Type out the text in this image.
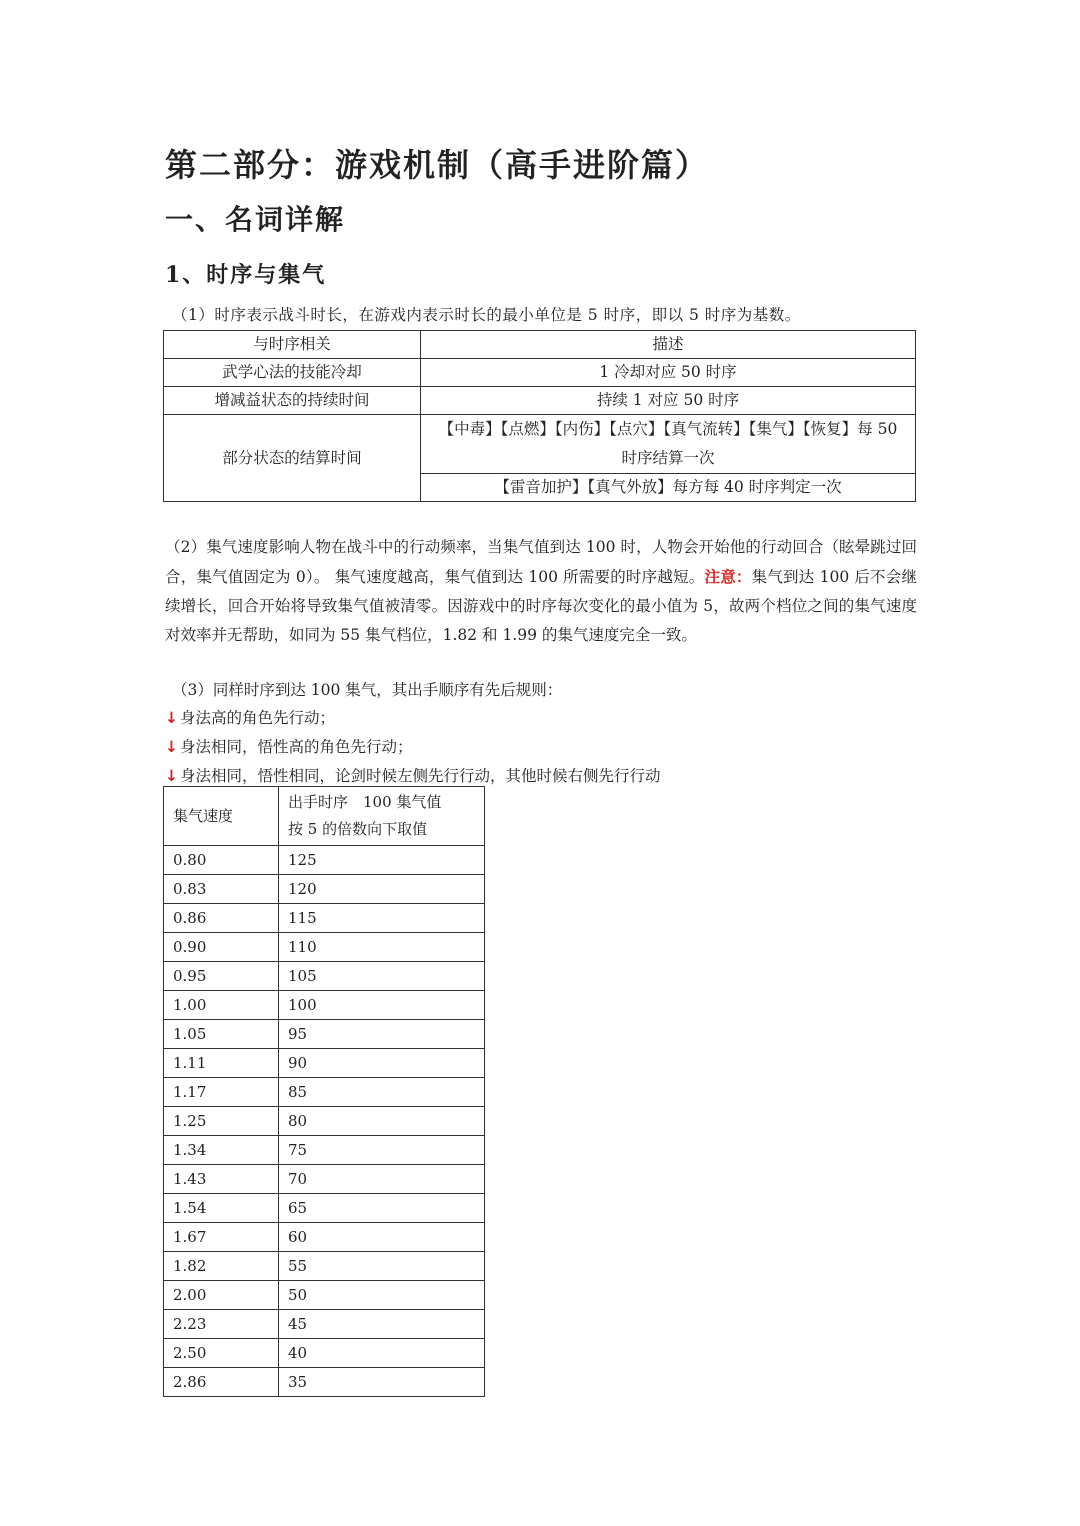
第二部分：游戏机制（高手进阶篇）
一、名词详解
1、时序与集气
（1）时序表示战斗时长，在游戏内表示时长的最小单位是 5 时序，即以 5 时序为基数。
与时序相关	描述
武学心法的技能冷却	1 冷却对应 50 时序
增减益状态的持续时间	持续 1 对应 50 时序
部分状态的结算时间	【中毒】【点燃】【内伤】【点穴】【真气流转】【集气】【恢复】每 50 时序结算一次
	【雷音加护】【真气外放】每方每 40 时序判定一次
（2）集气速度影响人物在战斗中的行动频率，当集气值到达 100 时，人物会开始他的行动回合（眩晕跳过回合，集气值固定为 0）。 集气速度越高，集气值到达 100 所需要的时序越短。注意：集气到达 100 后不会继续增长，回合开始将导致集气值被清零。因游戏中的时序每次变化的最小值为 5，故两个档位之间的集气速度对效率并无帮助，如同为 55 集气档位，1.82 和 1.99 的集气速度完全一致。
（3）同样时序到达 100 集气，其出手顺序有先后规则：
↓ 身法高的角色先行动；
↓ 身法相同，悟性高的角色先行动；
↓ 身法相同，悟性相同，论剑时候左侧先行行动，其他时候右侧先行行动
集气速度	出手时序　100 集气值
按 5 的倍数向下取值

0.80	125
0.83	120
0.86	115
0.90	110
0.95	105
1.00	100
1.05	95
1.11	90
1.17	85
1.25	80
1.34	75
1.43	70
1.54	65
1.67	60
1.82	55
2.00	50
2.23	45
2.50	40
2.86	35
